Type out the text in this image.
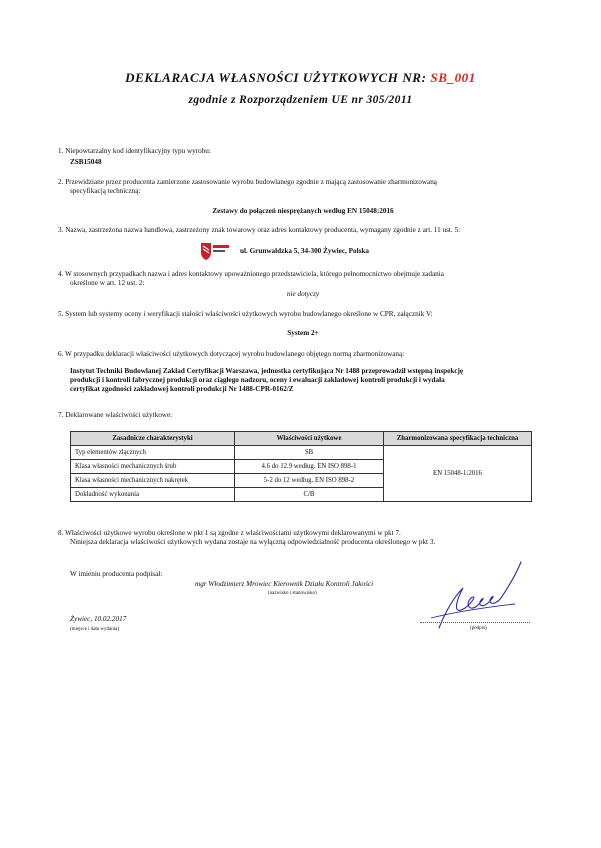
DEKLARACJA WŁASNOŚCI UŻYTKOWYCH NR: SB_001
zgodnie z Rozporządzeniem UE nr 305/2011
1. Niepowtarzalny kod identyfikacyjny typu wyrobu:
ZSB15048
2. Przewidziane przez producenta zamierzone zastosowanie wyrobu budowlanego zgodnie z mającą zastosowanie zharmonizowaną
specyfikacją techniczną:
Zestawy do połączeń niesprężanych według EN 15048:2016
3. Nazwa, zastrzeżona nazwa handlowa, zastrzeżony znak towarowy oraz adres kontaktowy producenta, wymagany zgodnie z art. 11 ust. 5:
ul. Grunwaldzka 5, 34-300 Żywiec, Polska
4. W stosownych przypadkach nazwa i adres kontaktowy upoważnionego przedstawiciela, którego pełnomocnictwo obejmuje zadania
określone w art. 12 ust. 2:
nie dotyczy
5. System lub systemy oceny i weryfikacji stałości właściwości użytkowych wyrobu budowlanego określone w CPR, załącznik V:
System 2+
6. W przypadku deklaracji właściwości użytkowych dotyczącej wyrobu budowlanego objętego normą zharmonizowaną:
Instytut Techniki Budowlanej Zakład Certyfikacji Warszawa, jednostka certyfikująca Nr 1488 przeprowadził wstępną inspekcję
produkcji i kontroli fabrycznej produkcji oraz ciągłego nadzoru, oceny i ewaluacji zakładowej kontroli produkcji i wydała
certyfikat zgodności zakładowej kontroli produkcji Nr 1488-CPR-0162/Z
7. Deklarowane właściwości użytkowe:
Zasadnicze charakterystyki	Właściwości użytkowe	Zharmonizowana specyfikacja techniczna
Typ elementów złącznych	SB	EN 15048-1:2016
Klasa własności mechanicznych śrub	4.6 do 12.9 według. EN ISO 898-1	
Klasa własności mechanicznych nakrętek	5-2 do 12 według. EN ISO 898-2	
Dokładność wykonania	C/B	
8. Właściwości użytkowe wyrobu określone w pkt 1 są zgodne z właściwościami użytkowymi deklarowanymi w pkt 7.
Niniejsza deklaracja właściwości użytkowych wydana zostaje na wyłączną odpowiedzialność producenta określonego w pkt 3.
W imieniu producenta podpisał:
mgr Włodzimierz Mrowiec Kierownik Działu Kontroli Jakości
(nazwisko i stanowisko)
Żywiec, 10.02.2017
(miejsce i data wydania)	(podpis)
